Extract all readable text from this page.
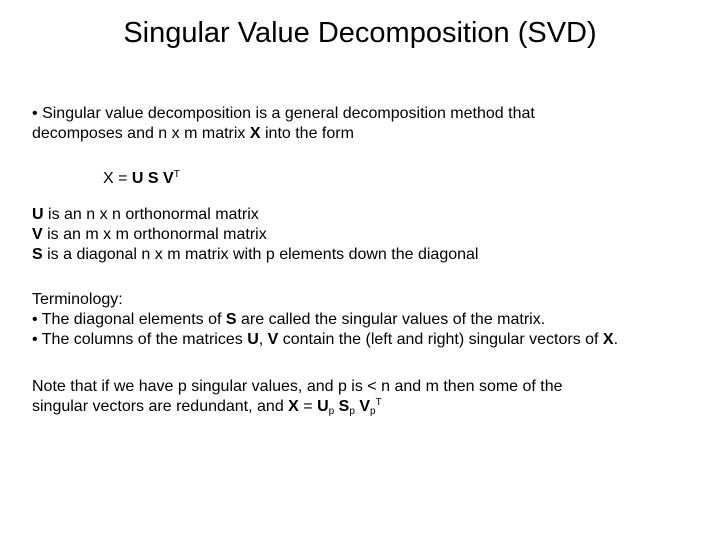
Singular Value Decomposition (SVD)
• Singular value decomposition is a general decomposition method that
decomposes and n x m matrix X into the form
X = U S $V^T$
U is an n x n orthonormal matrix
V is an m x m orthonormal matrix
S is a diagonal n x m matrix with p elements down the diagonal
Terminology:
• The diagonal elements of S are called the singular values of the matrix.
• The columns of the matrices U, V contain the (left and right) singular vectors of X.
Note that if we have p singular values, and p is < n and m then some of the
singular vectors are redundant, and $X = U_p$ $S_p$ $V_p^T$
